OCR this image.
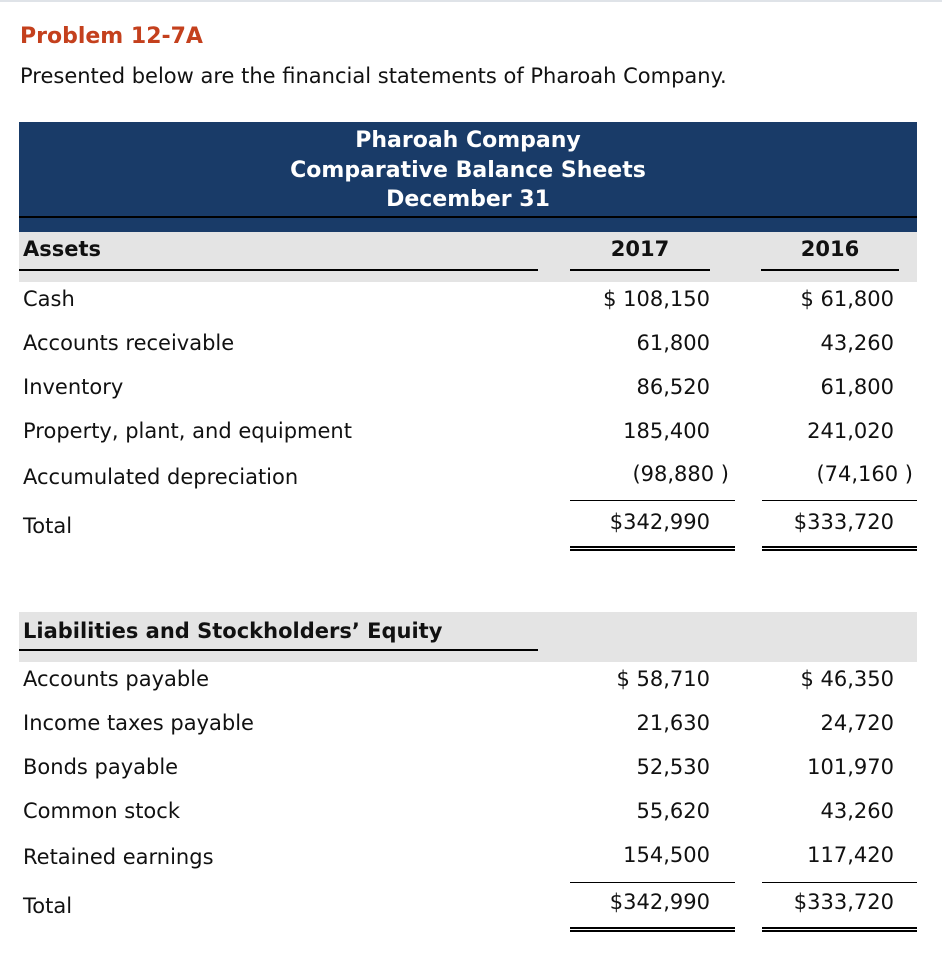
Problem 12-7A
Presented below are the financial statements of Pharoah Company.
Pharoah Company
Comparative Balance Sheets
December 31
Assets	2017	2016
Cash	$ 108,150	$ 61,800
Accounts receivable	61,800	43,260
Inventory	86,520	61,800
Property, plant, and equipment	185,400	241,020
Accumulated depreciation	(98,880 )	(74,160 )
Total	$342,990	$333,720
Liabilities and Stockholders’ Equity
Accounts payable	$ 58,710	$ 46,350
Income taxes payable	21,630	24,720
Bonds payable	52,530	101,970
Common stock	55,620	43,260
Retained earnings	154,500	117,420
Total	$342,990	$333,720
